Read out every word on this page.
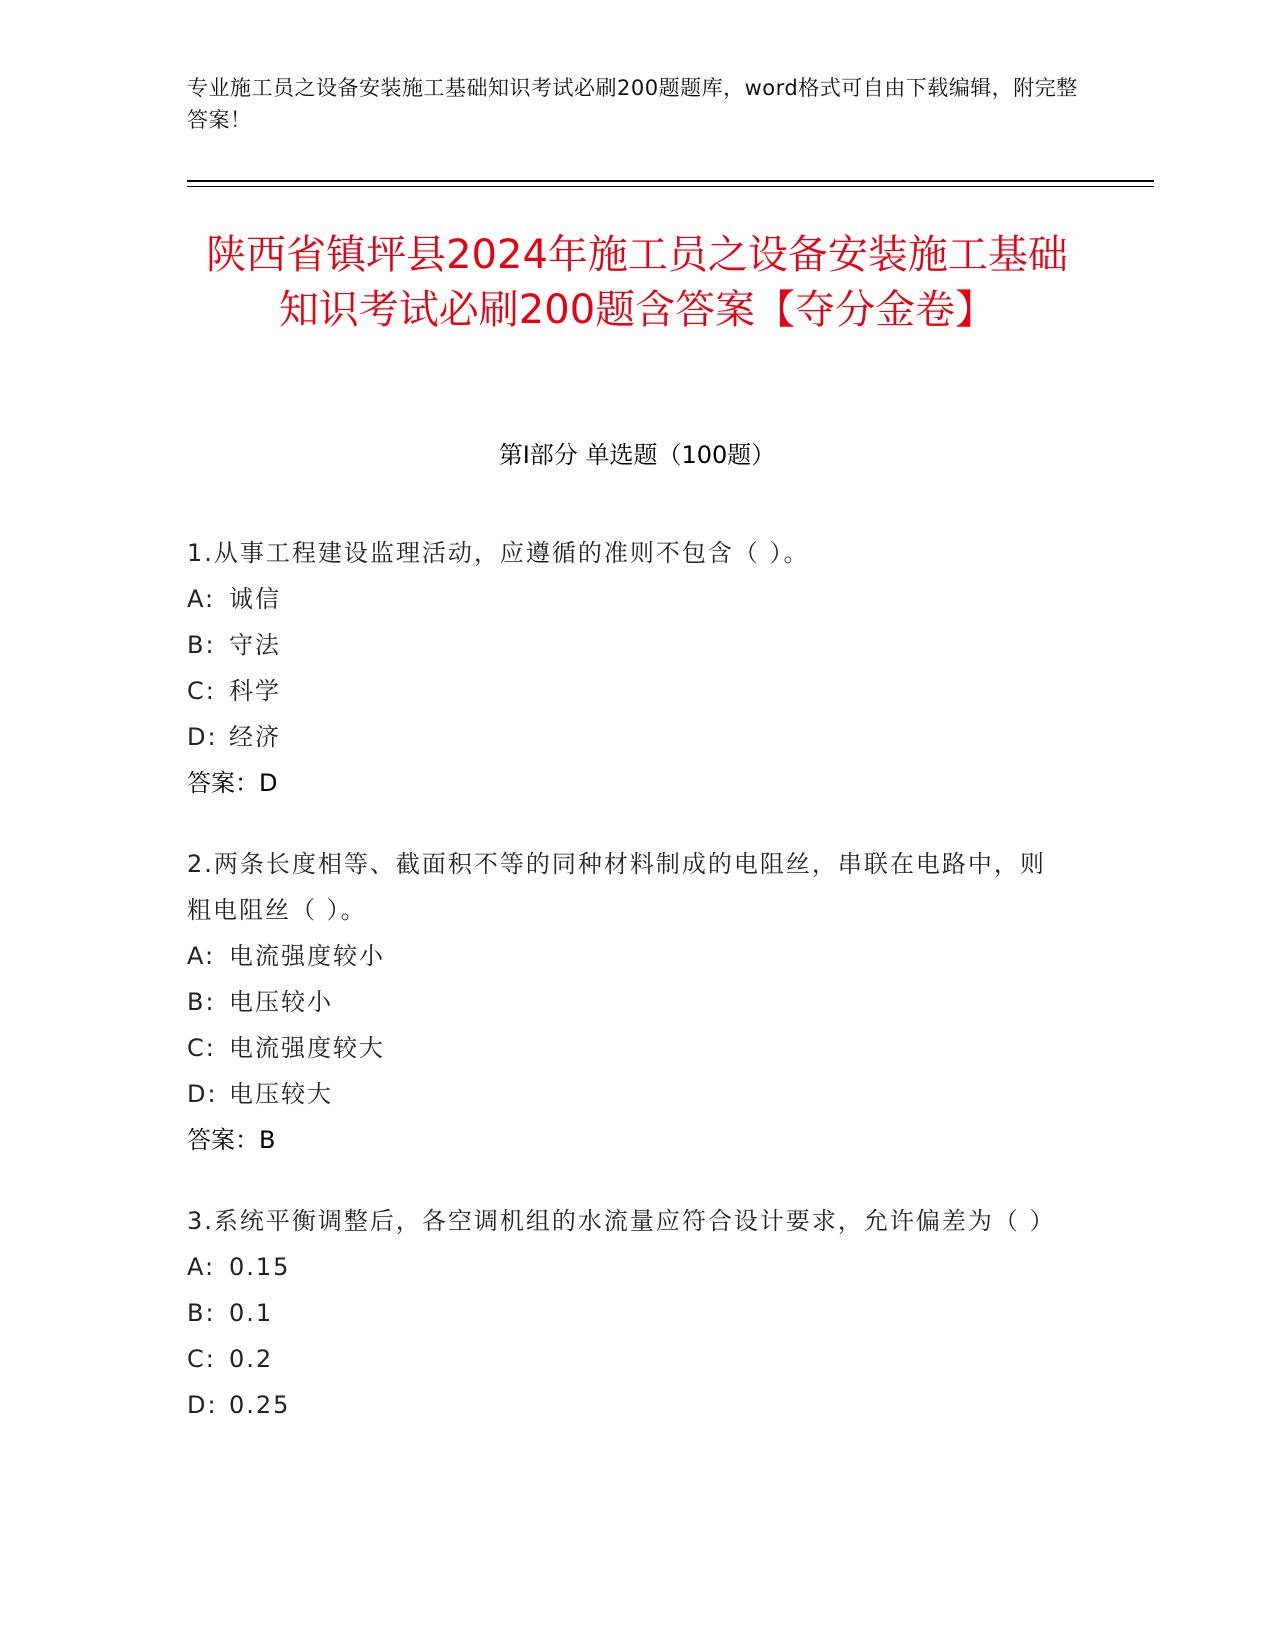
专业施工员之设备安装施工基础知识考试必刷200题题库，word格式可自由下载编辑，附完整答案！
陕西省镇坪县2024年施工员之设备安装施工基础知识考试必刷200题含答案【夺分金卷】
第I部分 单选题（100题）

1.从事工程建设监理活动，应遵循的准则不包含（ ）。

A: 诚信

B: 守法

C: 科学

D: 经济

答案：D

2.两条长度相等、截面积不等的同种材料制成的电阻丝，串联在电路中，则粗电阻丝（ ）。

A: 电流强度较小

B: 电压较小

C: 电流强度较大

D: 电压较大

答案：B

3.系统平衡调整后，各空调机组的水流量应符合设计要求，允许偏差为（ ）

A: 0.15

B: 0.1

C: 0.2

D: 0.25
